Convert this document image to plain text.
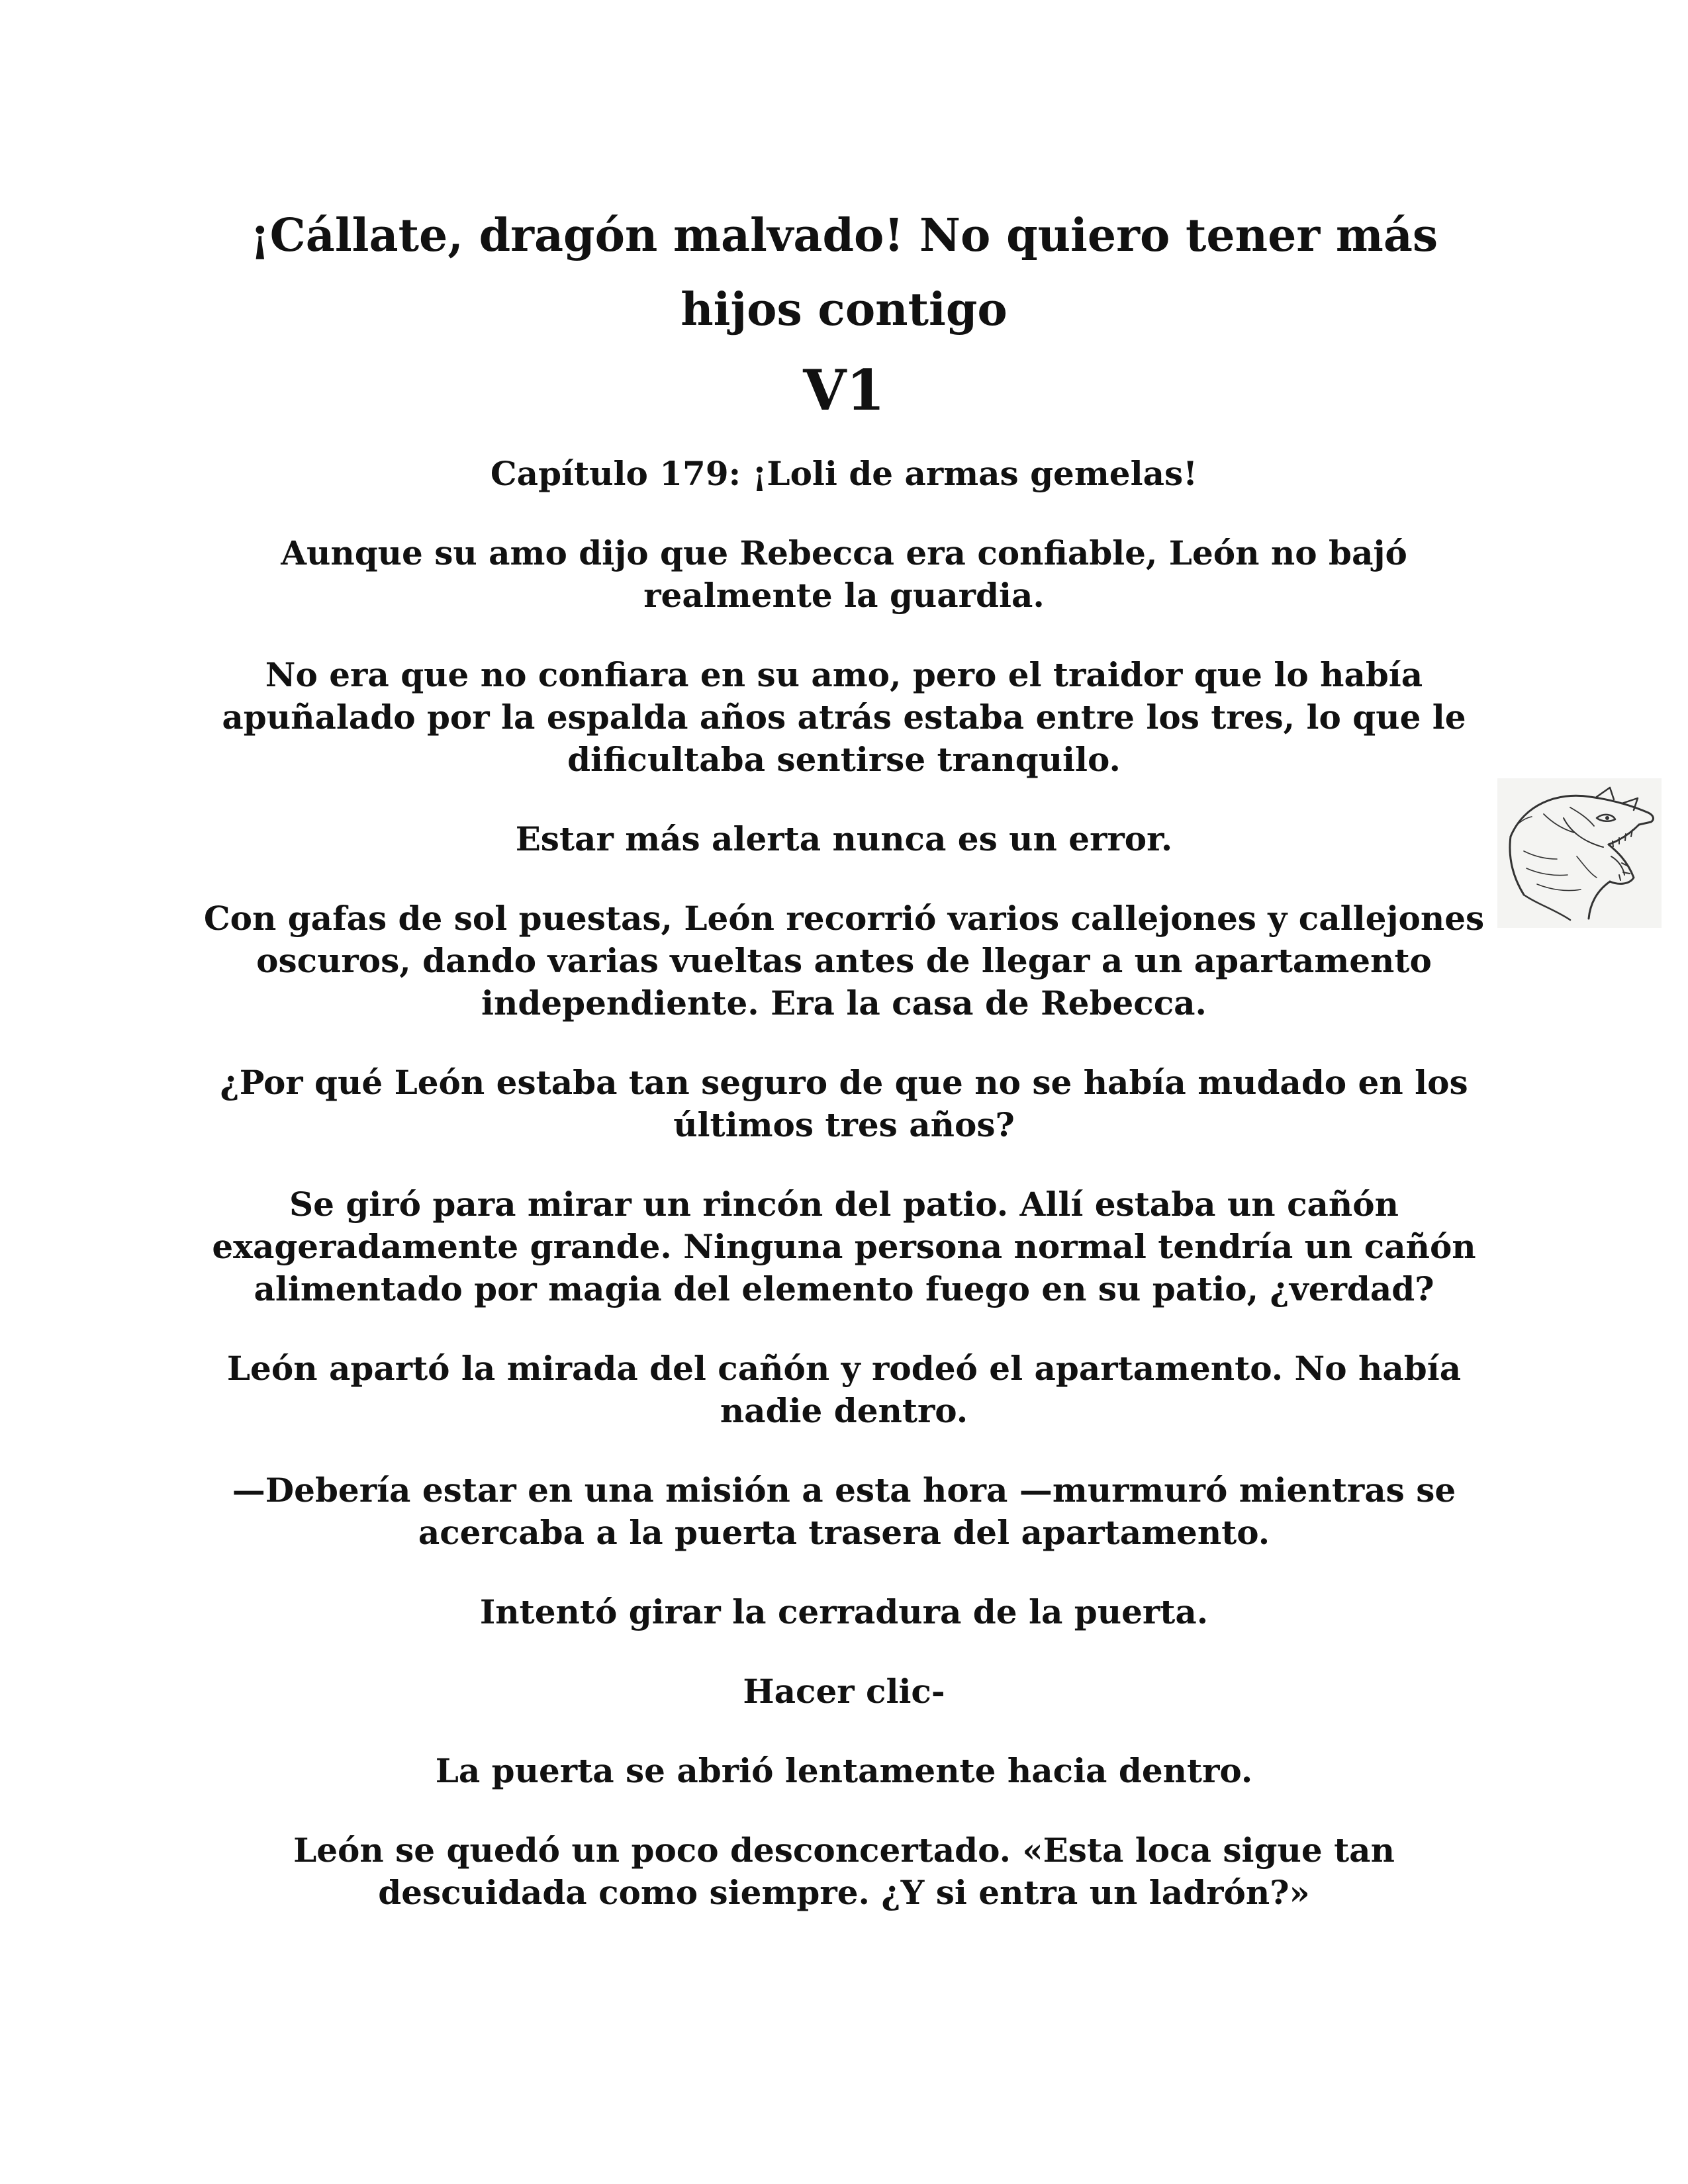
¡Cállate, dragón malvado! No quiero tener más hijos contigo
V1

Capítulo 179: ¡Loli de armas gemelas!

Aunque su amo dijo que Rebecca era confiable, León no bajó realmente la guardia.

No era que no confiara en su amo, pero el traidor que lo había apuñalado por la espalda años atrás estaba entre los tres, lo que le dificultaba sentirse tranquilo.

Estar más alerta nunca es un error.

Con gafas de sol puestas, León recorrió varios callejones y callejones oscuros, dando varias vueltas antes de llegar a un apartamento independiente. Era la casa de Rebecca.

¿Por qué León estaba tan seguro de que no se había mudado en los últimos tres años?

Se giró para mirar un rincón del patio. Allí estaba un cañón exageradamente grande. Ninguna persona normal tendría un cañón alimentado por magia del elemento fuego en su patio, ¿verdad?

León apartó la mirada del cañón y rodeó el apartamento. No había nadie dentro.

—Debería estar en una misión a esta hora —murmuró mientras se acercaba a la puerta trasera del apartamento.

Intentó girar la cerradura de la puerta.

Hacer clic-

La puerta se abrió lentamente hacia dentro.

León se quedó un poco desconcertado. «Esta loca sigue tan descuidada como siempre. ¿Y si entra un ladrón?»
